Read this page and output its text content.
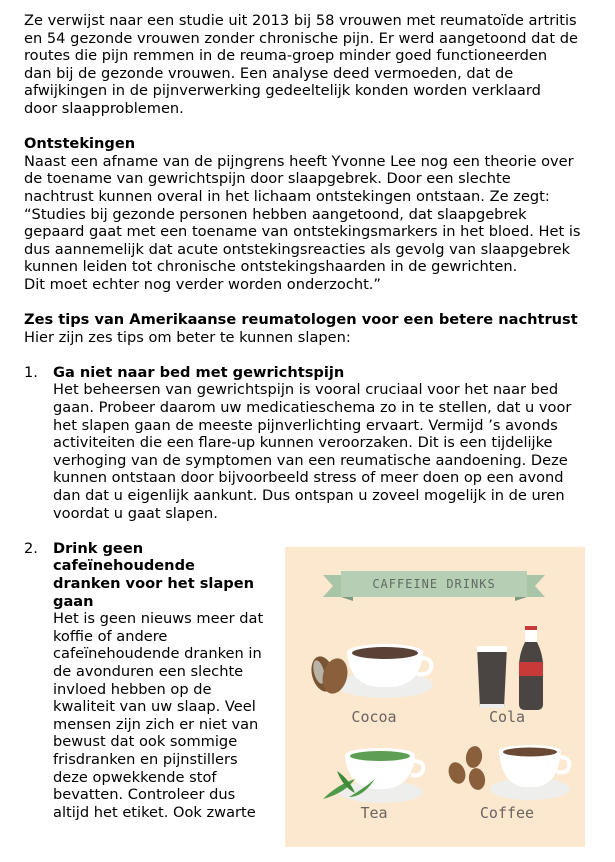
Ze verwijst naar een studie uit 2013 bij 58 vrouwen met reumatoïde artritis

en 54 gezonde vrouwen zonder chronische pijn. Er werd aangetoond dat de

routes die pijn remmen in de reuma-groep minder goed functioneerden

dan bij de gezonde vrouwen. Een analyse deed vermoeden, dat de

afwijkingen in de pijnverwerking gedeeltelijk konden worden verklaard

door slaapproblemen.

Ontstekingen

Naast een afname van de pijngrens heeft Yvonne Lee nog een theorie over

de toename van gewrichtspijn door slaapgebrek. Door een slechte

nachtrust kunnen overal in het lichaam ontstekingen ontstaan. Ze zegt:

“Studies bij gezonde personen hebben aangetoond, dat slaapgebrek

gepaard gaat met een toename van ontstekingsmarkers in het bloed. Het is

dus aannemelijk dat acute ontstekingsreacties als gevolg van slaapgebrek

kunnen leiden tot chronische ontstekingshaarden in de gewrichten.

Dit moet echter nog verder worden onderzocht.”

Zes tips van Amerikaanse reumatologen voor een betere nachtrust

Hier zijn zes tips om beter te kunnen slapen:

1. Ga niet naar bed met gewrichtspijn

Het beheersen van gewrichtspijn is vooral cruciaal voor het naar bed

gaan. Probeer daarom uw medicatieschema zo in te stellen, dat u voor

het slapen gaan de meeste pijnverlichting ervaart. Vermijd ’s avonds

activiteiten die een flare-up kunnen veroorzaken. Dit is een tijdelijke

verhoging van de symptomen van een reumatische aandoening. Deze

kunnen ontstaan door bijvoorbeeld stress of meer doen op een avond

dan dat u eigenlijk aankunt. Dus ontspan u zoveel mogelijk in de uren

voordat u gaat slapen.

2. Drink geen

cafeïnehoudende

dranken voor het slapen

gaan

Het is geen nieuws meer dat

koffie of andere

cafeïnehoudende dranken in

de avonduren een slechte

invloed hebben op de

kwaliteit van uw slaap. Veel

mensen zijn zich er niet van

bewust dat ook sommige

frisdranken en pijnstillers

deze opwekkende stof

bevatten. Controleer dus

altijd het etiket. Ook zwarte

CAFFEINE DRINKS
Cocoa	Cola
Tea	Coffee
